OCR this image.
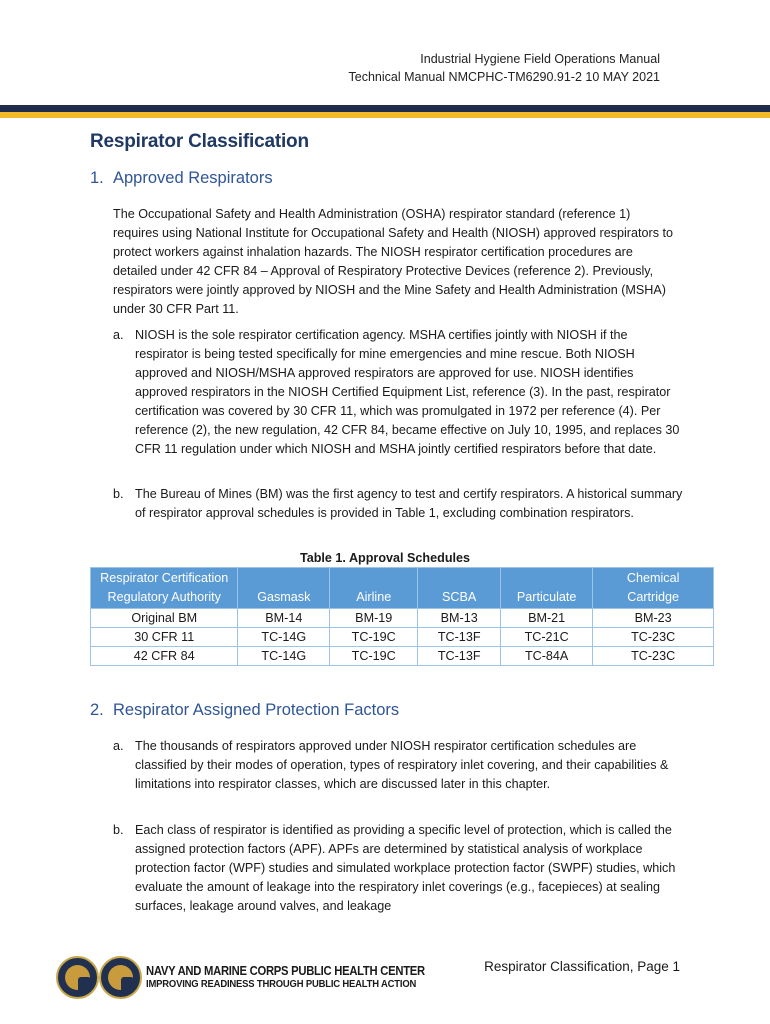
Industrial Hygiene Field Operations Manual
Technical Manual NMCPHC-TM6290.91-2 10 MAY 2021
Respirator Classification
1. Approved Respirators
The Occupational Safety and Health Administration (OSHA) respirator standard (reference 1) requires using National Institute for Occupational Safety and Health (NIOSH) approved respirators to protect workers against inhalation hazards. The NIOSH respirator certification procedures are detailed under 42 CFR 84 – Approval of Respiratory Protective Devices (reference 2). Previously, respirators were jointly approved by NIOSH and the Mine Safety and Health Administration (MSHA) under 30 CFR Part 11.
a. NIOSH is the sole respirator certification agency. MSHA certifies jointly with NIOSH if the respirator is being tested specifically for mine emergencies and mine rescue. Both NIOSH approved and NIOSH/MSHA approved respirators are approved for use. NIOSH identifies approved respirators in the NIOSH Certified Equipment List, reference (3). In the past, respirator certification was covered by 30 CFR 11, which was promulgated in 1972 per reference (4). Per reference (2), the new regulation, 42 CFR 84, became effective on July 10, 1995, and replaces 30 CFR 11 regulation under which NIOSH and MSHA jointly certified respirators before that date.
b. The Bureau of Mines (BM) was the first agency to test and certify respirators. A historical summary of respirator approval schedules is provided in Table 1, excluding combination respirators.
Table 1. Approval Schedules
Respirator Certification Regulatory Authority	Gasmask	Airline	SCBA	Particulate	Chemical Cartridge
Original BM	BM-14	BM-19	BM-13	BM-21	BM-23
30 CFR 11	TC-14G	TC-19C	TC-13F	TC-21C	TC-23C
42 CFR 84	TC-14G	TC-19C	TC-13F	TC-84A	TC-23C
2. Respirator Assigned Protection Factors
a. The thousands of respirators approved under NIOSH respirator certification schedules are classified by their modes of operation, types of respiratory inlet covering, and their capabilities & limitations into respirator classes, which are discussed later in this chapter.
b. Each class of respirator is identified as providing a specific level of protection, which is called the assigned protection factors (APF). APFs are determined by statistical analysis of workplace protection factor (WPF) studies and simulated workplace protection factor (SWPF) studies, which evaluate the amount of leakage into the respiratory inlet coverings (e.g., facepieces) at sealing surfaces, leakage around valves, and leakage
NAVY AND MARINE CORPS PUBLIC HEALTH CENTER
IMPROVING READINESS THROUGH PUBLIC HEALTH ACTION
Respirator Classification, Page 1
